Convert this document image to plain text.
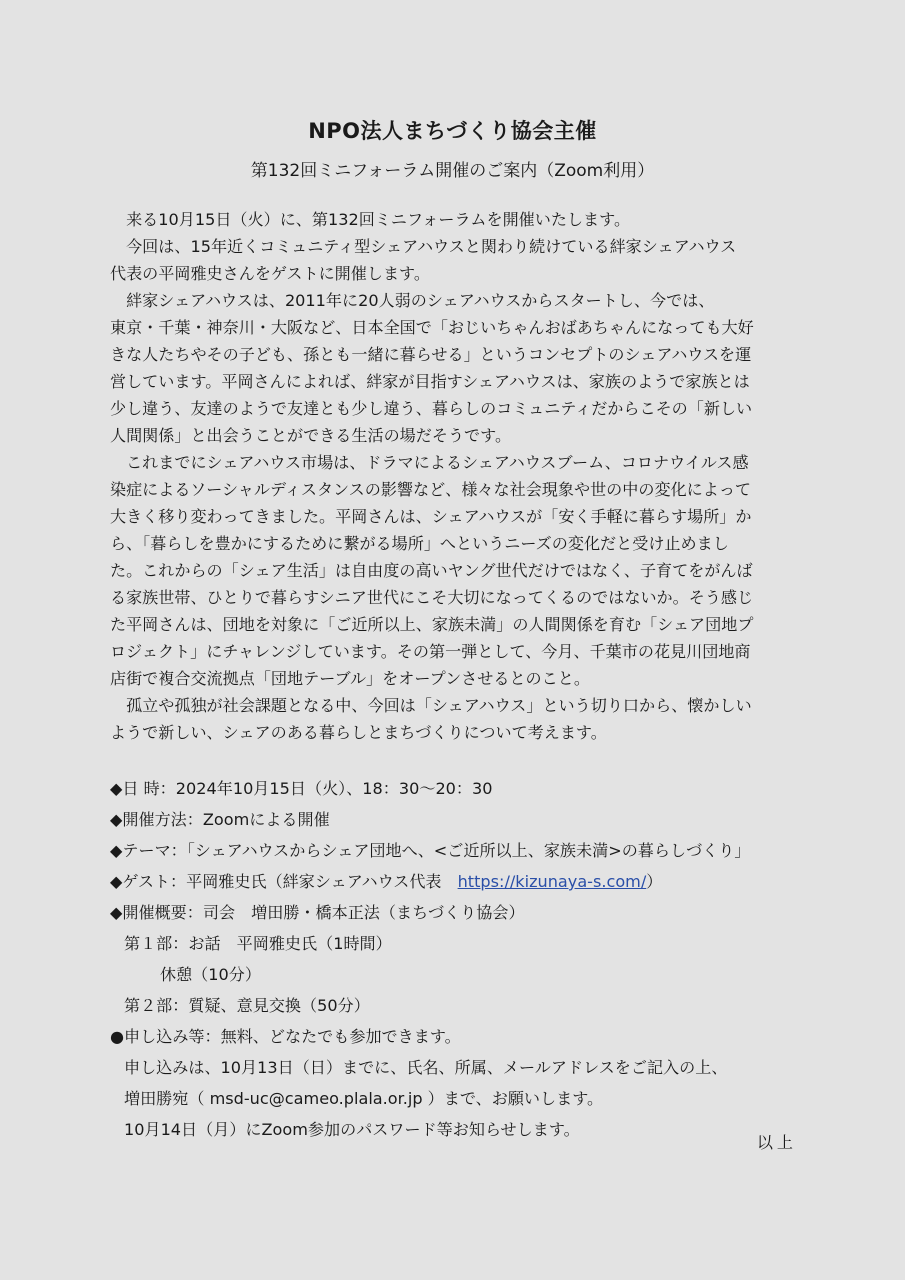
NPO法人まちづくり協会主催
第132回ミニフォーラム開催のご案内（Zoom利用）
　来る10月15日（火）に、第132回ミニフォーラムを開催いたします。
　今回は、15年近くコミュニティ型シェアハウスと関わり続けている絆家シェアハウス
代表の平岡雅史さんをゲストに開催します。
　絆家シェアハウスは、2011年に20人弱のシェアハウスからスタートし、今では、
東京・千葉・神奈川・大阪など、日本全国で「おじいちゃんおばあちゃんになっても大好
きな人たちやその子ども、孫とも一緒に暮らせる」というコンセプトのシェアハウスを運
営しています。平岡さんによれば、絆家が目指すシェアハウスは、家族のようで家族とは
少し違う、友達のようで友達とも少し違う、暮らしのコミュニティだからこその「新しい
人間関係」と出会うことができる生活の場だそうです。
　これまでにシェアハウス市場は、ドラマによるシェアハウスブーム、コロナウイルス感
染症によるソーシャルディスタンスの影響など、様々な社会現象や世の中の変化によって
大きく移り変わってきました。平岡さんは、シェアハウスが「安く手軽に暮らす場所」か
ら、「暮らしを豊かにするために繋がる場所」へというニーズの変化だと受け止めまし
た。これからの「シェア生活」は自由度の高いヤング世代だけではなく、子育てをがんば
る家族世帯、ひとりで暮らすシニア世代にこそ大切になってくるのではないか。そう感じ
た平岡さんは、団地を対象に「ご近所以上、家族未満」の人間関係を育む「シェア団地プ
ロジェクト」にチャレンジしています。その第一弾として、今月、千葉市の花見川団地商
店街で複合交流拠点「団地テーブル」をオープンさせるとのこと。
　孤立や孤独が社会課題となる中、今回は「シェアハウス」という切り口から、懐かしい
ようで新しい、シェアのある暮らしとまちづくりについて考えます。
◆日 時：2024年10月15日（火）、18：30〜20：30
◆開催方法：Zoomによる開催
◆テーマ：「シェアハウスからシェア団地へ、<ご近所以上、家族未満>の暮らしづくり」
◆ゲスト：平岡雅史氏（絆家シェアハウス代表　https://kizunaya-s.com/）
◆開催概要：司会　増田勝・橋本正法（まちづくり協会）
第１部：お話　平岡雅史氏（1時間）
休憩（10分）
第２部：質疑、意見交換（50分）
●申し込み等：無料、どなたでも参加できます。
申し込みは、10月13日（日）までに、氏名、所属、メールアドレスをご記入の上、
増田勝宛（ msd-uc@cameo.plala.or.jp ）まで、お願いします。
10月14日（月）にZoom参加のパスワード等お知らせします。
以上
